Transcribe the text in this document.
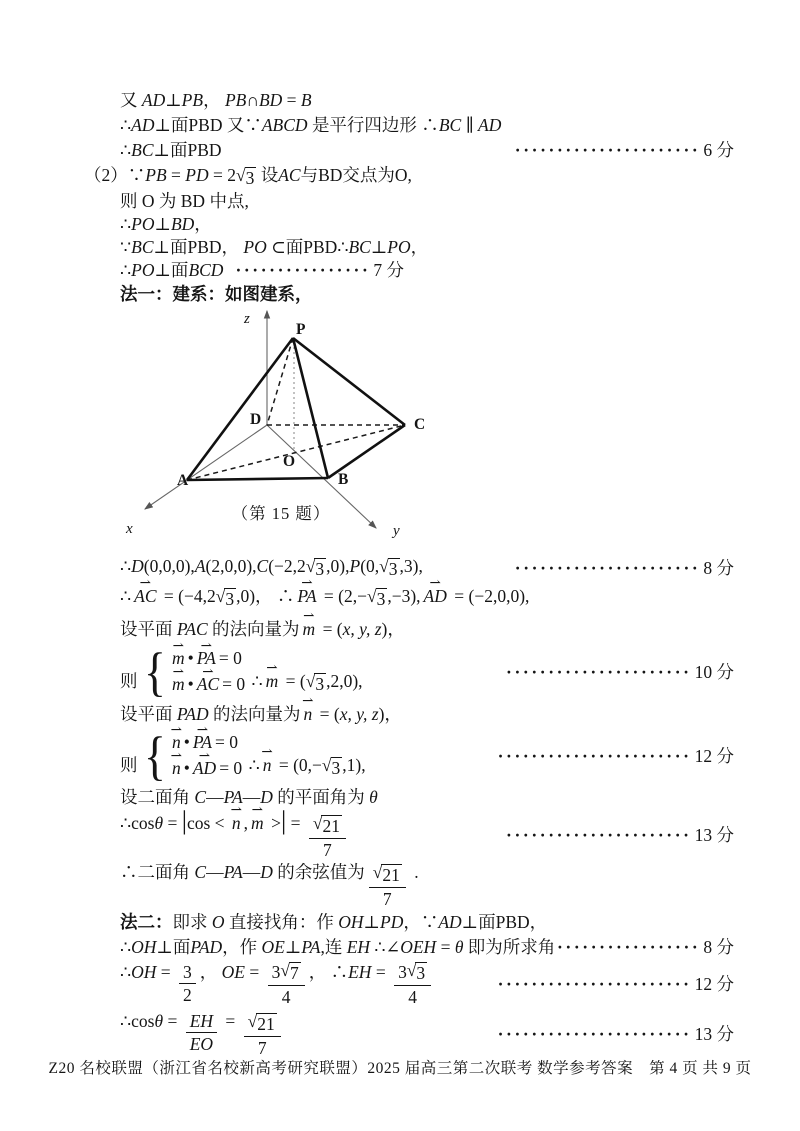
又 AD⊥PB， PB∩BD = B
∴AD⊥面PBD 又∵ABCD 是平行四边形 ∴BC ∥ AD
∴BC⊥面PBD	······················ 6 分
（2）∵PB = PD = 2 √ 3 设AC与BD交点为O,
则 O 为 BD 中点,
∴PO⊥BD，
∵BC⊥面PBD， PO ⊂面PBD∴BC⊥PO，
∴PO⊥面BCD ················ 7 分
法一：建系：如图建系，
z
P
D	C
A	B
O
x	y
（第 15 题）
∴D(0,0,0),A(2,0,0),C(−2,2 √ 3 ,0),P(0, √ 3 ,3),	······················ 8 分
∴ ⇀ AC = (−4,2 √ 3 ,0)， ∴ ⇀ PA = (2,− √ 3 ,−3), ⇀ AD = (−2,0,0),
设平面 PAC 的法向量为 ⇀ m = (x, y, z)，
则 { ⇀ m • ⇀ PA = 0
⇀ m • ⇀ AC = 0 ∴ ⇀ m = ( √ 3 ,2,0),	······················ 10 分
设平面 PAD 的法向量为 ⇀ n = (x, y, z)，
则 { ⇀ n • ⇀ PA = 0
⇀ n • ⇀ AD = 0 ∴ ⇀ n = (0,− √ 3 ,1),	······················· 12 分
设二面角 C—PA—D 的平面角为 θ
∴cosθ = |cos < ⇀ n , ⇀ m >| = $\frac{√ 21}{7}$	······················ 13 分
∴二面角 C—PA—D 的余弦值为 $\frac{√ 21}{7}$ .
法二：即求 O 直接找角：作 OH⊥PD，∵AD⊥面PBD，
∴OH⊥面PAD，作 OE⊥PA,连 EH ∴∠OEH = θ 即为所求角 ················· 8 分
∴OH = $\frac{3}{2}$ ， OE = $\frac{3 √ 7}{4}$ ， ∴EH = $\frac{3 √ 3}{4}$	······················· 12 分
∴cosθ = $\frac{EH}{EO} = \frac{√ 21}{7}$	······················· 13 分
Z20 名校联盟（浙江省名校新高考研究联盟）2025 届高三第二次联考 数学参考答案　第 4 页 共 9 页
